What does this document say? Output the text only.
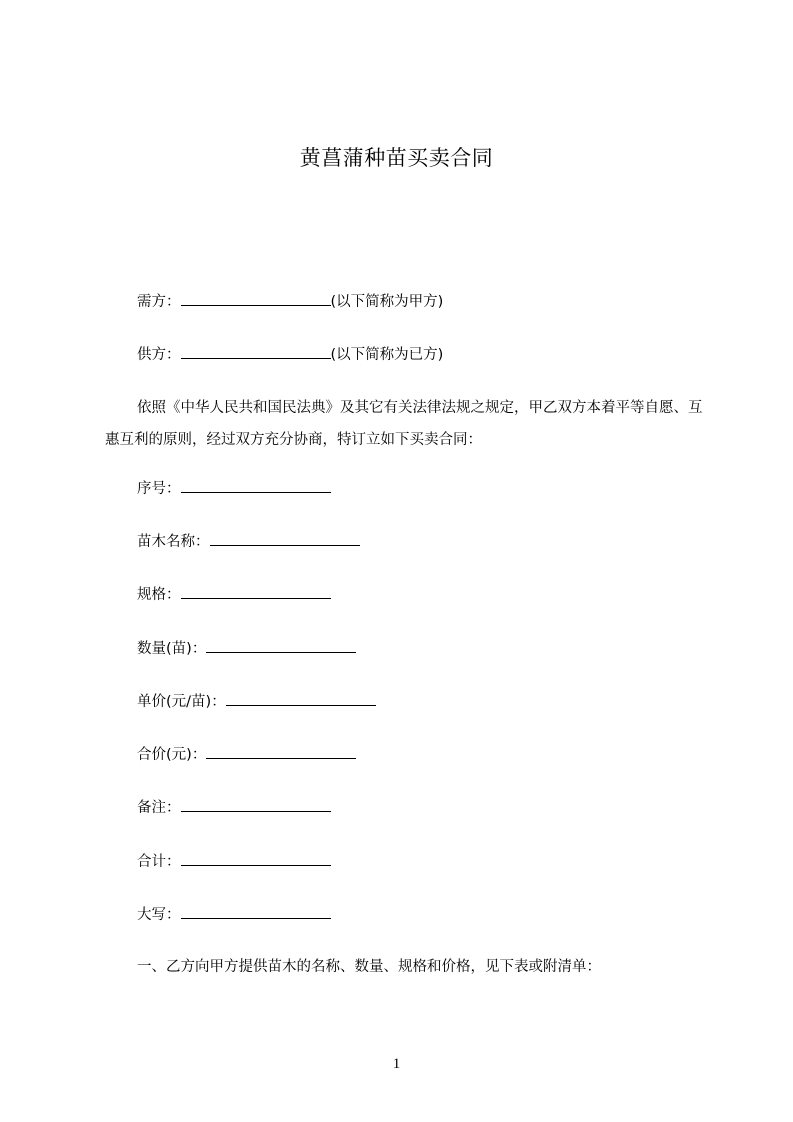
黄菖蒲种苗买卖合同
需方：	(以下简称为甲方)
供方：	(以下简称为已方)
依照《中华人民共和国民法典》及其它有关法律法规之规定，甲乙双方本着平等自愿、互惠互利的原则，经过双方充分协商，特订立如下买卖合同：
序号：
苗木名称：
规格：
数量(苗)：
单价(元/苗)：
合价(元)：
备注：
合计：
大写：
一、乙方向甲方提供苗木的名称、数量、规格和价格，见下表或附清单：
1
